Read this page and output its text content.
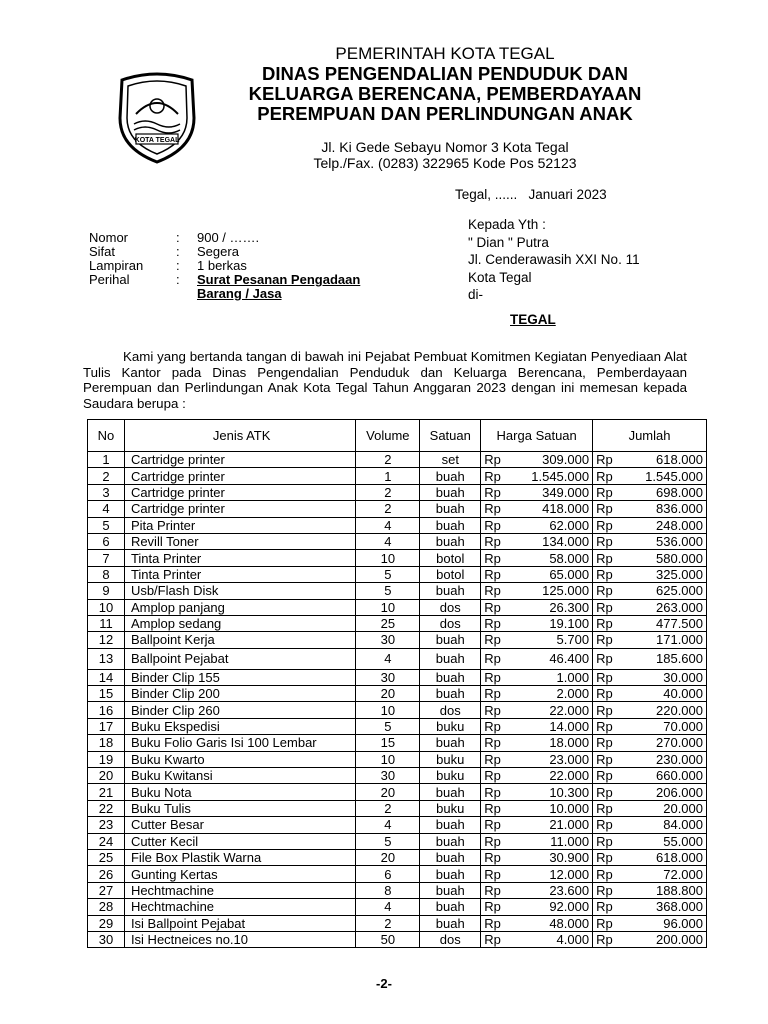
KOTA TEGAL
PEMERINTAH KOTA TEGAL
DINAS PENGENDALIAN PENDUDUK DAN
KELUARGA BERENCANA, PEMBERDAYAAN
PEREMPUAN DAN PERLINDUNGAN ANAK
Jl. Ki Gede Sebayu Nomor 3 Kota Tegal
Telp./Fax. (0283) 322965 Kode Pos 52123
Tegal, ......   Januari 2023
Kepada Yth :
" Dian " Putra
Jl. Cenderawasih XXI No. 11
Kota Tegal
di-
TEGAL
Nomor	:	900 / …….
Sifat	:	Segera
Lampiran	:	1 berkas
Perihal	:	Surat Pesanan Pengadaan
Barang / Jasa
Kami yang bertanda tangan di bawah ini Pejabat Pembuat Komitmen Kegiatan Penyediaan Alat Tulis Kantor pada Dinas Pengendalian Penduduk dan Keluarga Berencana, Pemberdayaan Perempuan dan Perlindungan Anak Kota Tegal Tahun Anggaran 2023 dengan ini memesan kepada Saudara berupa :
No	Jenis ATK	Volume	Satuan	Harga Satuan	Jumlah
1	Cartridge printer	2	set	Rp 309.000	Rp 618.000

2	Cartridge printer	1	buah	Rp 1.545.000	Rp 1.545.000

3	Cartridge printer	2	buah	Rp 349.000	Rp 698.000

4	Cartridge printer	2	buah	Rp 418.000	Rp 836.000

5	Pita Printer	4	buah	Rp 62.000	Rp 248.000

6	Revill Toner	4	buah	Rp 134.000	Rp 536.000

7	Tinta Printer	10	botol	Rp 58.000	Rp 580.000

8	Tinta Printer	5	botol	Rp 65.000	Rp 325.000

9	Usb/Flash Disk	5	buah	Rp 125.000	Rp 625.000

10	Amplop panjang	10	dos	Rp 26.300	Rp 263.000

11	Amplop sedang	25	dos	Rp 19.100	Rp 477.500

12	Ballpoint Kerja	30	buah	Rp 5.700	Rp 171.000

13	Ballpoint Pejabat	4	buah	Rp 46.400	Rp 185.600

14	Binder Clip 155	30	buah	Rp 1.000	Rp 30.000

15	Binder Clip 200	20	buah	Rp 2.000	Rp 40.000

16	Binder Clip 260	10	dos	Rp 22.000	Rp 220.000

17	Buku Ekspedisi	5	buku	Rp 14.000	Rp 70.000

18	Buku Folio Garis Isi 100 Lembar	15	buah	Rp 18.000	Rp 270.000

19	Buku Kwarto	10	buku	Rp 23.000	Rp 230.000

20	Buku Kwitansi	30	buku	Rp 22.000	Rp 660.000

21	Buku Nota	20	buah	Rp 10.300	Rp 206.000

22	Buku Tulis	2	buku	Rp 10.000	Rp 20.000

23	Cutter Besar	4	buah	Rp 21.000	Rp 84.000

24	Cutter Kecil	5	buah	Rp 11.000	Rp 55.000

25	File Box Plastik Warna	20	buah	Rp 30.900	Rp 618.000

26	Gunting Kertas	6	buah	Rp 12.000	Rp 72.000

27	Hechtmachine	8	buah	Rp 23.600	Rp 188.800

28	Hechtmachine	4	buah	Rp 92.000	Rp 368.000

29	Isi Ballpoint Pejabat	2	buah	Rp 48.000	Rp 96.000

30	Isi Hectneices no.10	50	dos	Rp 4.000	Rp 200.000
-2-
